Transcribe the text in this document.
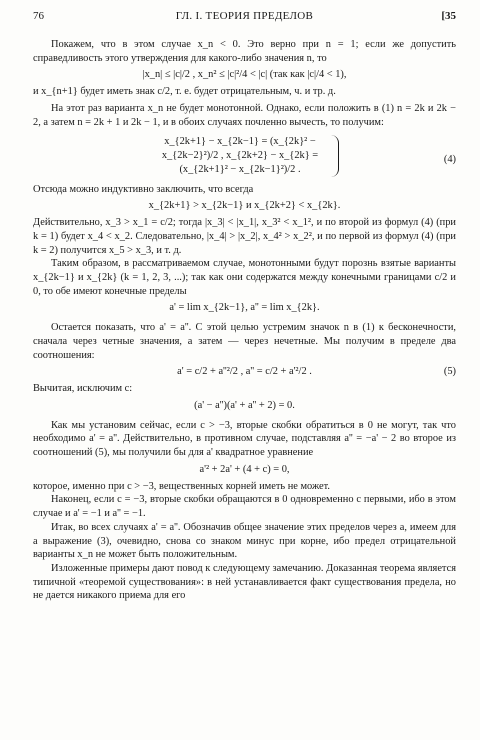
76	ГЛ. I. ТЕОРИЯ ПРЕДЕЛОВ	[35

Покажем, что в этом случае x_n < 0. Это верно при n = 1; если же допустить справедливость этого утверждения для какого-либо значения n, то

|x_n| ≤ |c|/2 , x_n² ≤ |c|²/4 < |c| (так как |c|/4 < 1),

и x_{n+1} будет иметь знак c/2, т. е. будет отрицательным, ч. и тр. д.

На этот раз варианта x_n не будет монотонной. Однако, если положить в (1) n = 2k и 2k − 2, а затем n = 2k + 1 и 2k − 1, и в обоих случаях почленно вычесть, то получим:

x_{2k+1} − x_{2k−1} = (x_{2k}² − x_{2k−2}²)/2 , x_{2k+2} − x_{2k} = (x_{2k+1}² − x_{2k−1}²)/2 .
(4)

Отсюда можно индуктивно заключить, что всегда

x_{2k+1} > x_{2k−1} и x_{2k+2} < x_{2k}.

Действительно, x_3 > x_1 = c/2; тогда |x_3| < |x_1|, x_3² < x_1², и по второй из формул (4) (при k = 1) будет x_4 < x_2. Следовательно, |x_4| > |x_2|, x_4² > x_2², и по первой из формул (4) (при k = 2) получится x_5 > x_3, и т. д.

Таким образом, в рассматриваемом случае, монотонными будут порознь взятые варианты x_{2k−1} и x_{2k} (k = 1, 2, 3, ...); так как они содержатся между конечными границами c/2 и 0, то обе имеют конечные пределы

a' = lim x_{2k−1}, a'' = lim x_{2k}.

Остается показать, что a' = a''. С этой целью устремим значок n в (1) к бесконечности, сначала через четные значения, а затем — через нечетные. Мы получим в пределе два соотношения:

a' = c/2 + a''²/2 , a'' = c/2 + a'²/2 .	(5)

Вычитая, исключим c:

(a' − a'')(a' + a'' + 2) = 0.

Как мы установим сейчас, если c > −3, вторые скобки обратиться в 0 не могут, так что необходимо a' = a''. Действительно, в противном случае, подставляя a'' = −a' − 2 во второе из соотношений (5), мы получили бы для a' квадратное уравнение

a'² + 2a' + (4 + c) = 0,

которое, именно при c > −3, вещественных корней иметь не может.

Наконец, если c = −3, вторые скобки обращаются в 0 одновременно с первыми, ибо в этом случае и a' = −1 и a'' = −1.

Итак, во всех случаях a' = a''. Обозначив общее значение этих пределов через a, имеем для a выражение (3), очевидно, снова со знаком минус при корне, ибо предел отрицательной варианты x_n не может быть положительным.

Изложенные примеры дают повод к следующему замечанию. Доказанная теорема является типичной «теоремой существования»: в ней устанавливается факт существования предела, но не дается никакого приема для его
